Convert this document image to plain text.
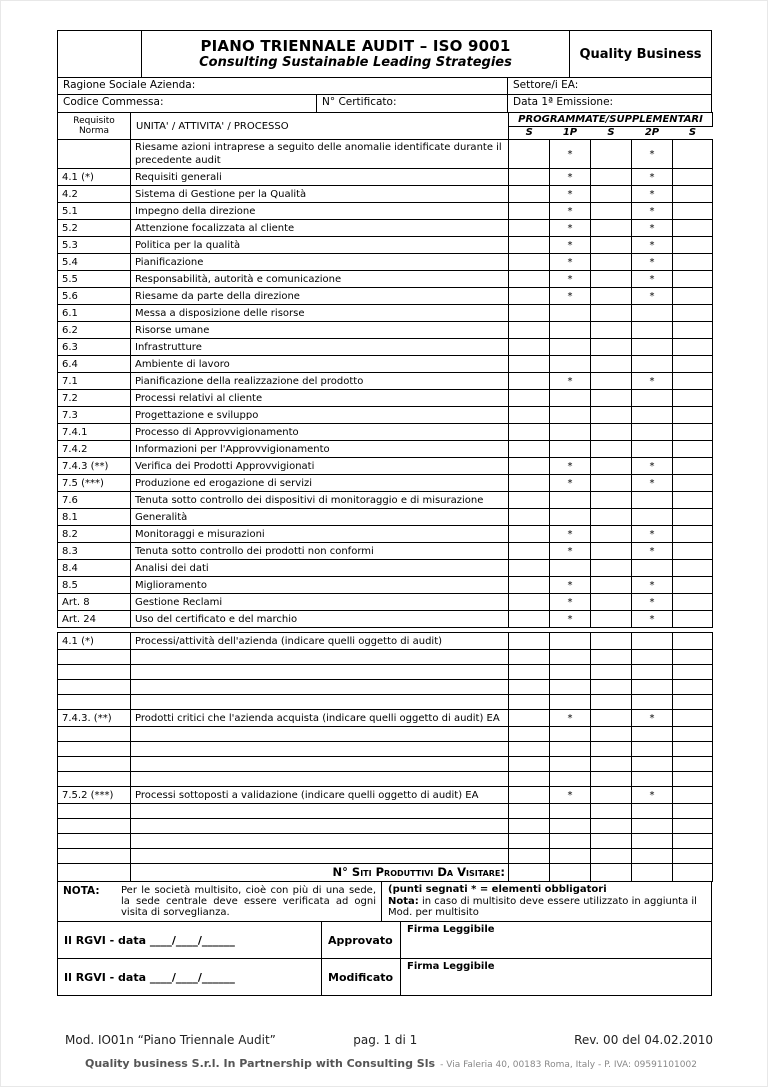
PIANO TRIENNALE AUDIT – ISO 9001
Consulting Sustainable Leading Strategies
Quality Business
Ragione Sociale Azienda:	Settore/i EA:
Codice Commessa:	N° Certificato:	Data 1ª Emissione:
Requisito
Norma	UNITA' / ATTIVITA' / PROCESSO	PROGRAMMATE/SUPPLEMENTARI				
		S	1P	S	2P	S
	Riesame azioni intraprese a seguito delle anomalie identificate durante il precedente audit		*		*	
4.1 (*)	Requisiti generali		*		*	
4.2	Sistema di Gestione per la Qualità		*		*	
5.1	Impegno della direzione		*		*	
5.2	Attenzione focalizzata al cliente		*		*	
5.3	Politica per la qualità		*		*	
5.4	Pianificazione		*		*	
5.5	Responsabilità, autorità e comunicazione		*		*	
5.6	Riesame da parte della direzione		*		*	
6.1	Messa a disposizione delle risorse					
6.2	Risorse umane					
6.3	Infrastrutture					
6.4	Ambiente di lavoro					
7.1	Pianificazione della realizzazione del prodotto		*		*	
7.2	Processi relativi al cliente					
7.3	Progettazione e sviluppo					
7.4.1	Processo di Approvvigionamento					
7.4.2	Informazioni per l'Approvvigionamento					
7.4.3 (**)	Verifica dei Prodotti Approvvigionati		*		*	
7.5 (***)	Produzione ed erogazione di servizi		*		*	
7.6	Tenuta sotto controllo dei dispositivi di monitoraggio e di misurazione					
8.1	Generalità					
8.2	Monitoraggi e misurazioni		*		*	
8.3	Tenuta sotto controllo dei prodotti non conformi		*		*	
8.4	Analisi dei dati					
8.5	Miglioramento		*		*	
Art. 8	Gestione Reclami		*		*	
Art. 24	Uso del certificato e del marchio		*		*	

4.1 (*)	Processi/attività dell'azienda (indicare quelli oggetto di audit)					

7.4.3. (**)	Prodotti critici che l'azienda acquista (indicare quelli oggetto di audit) EA		*		*	

7.5.2 (***)	Processi sottoposti a validazione (indicare quelli oggetto di audit) EA		*		*	

	N° Siti Produttivi Da Visitare:					
NOTA:	Per le società multisito, cioè con più di una sede, la sede centrale deve essere verificata ad ogni visita di sorveglianza.
(punti segnati * = elementi obbligatori
Nota: in caso di multisito deve essere utilizzato in aggiunta il Mod. per multisito
Il RGVI - data ____/____/______	Approvato
Firma Leggibile
Il RGVI - data ____/____/______	Modificato
Firma Leggibile
Mod. IO01n “Piano Triennale Audit”	pag. 1 di 1	Rev. 00 del 04.02.2010
Quality business S.r.l. In Partnership with Consulting Sls - Via Faleria 40, 00183 Roma, Italy - P. IVA: 09591101002
